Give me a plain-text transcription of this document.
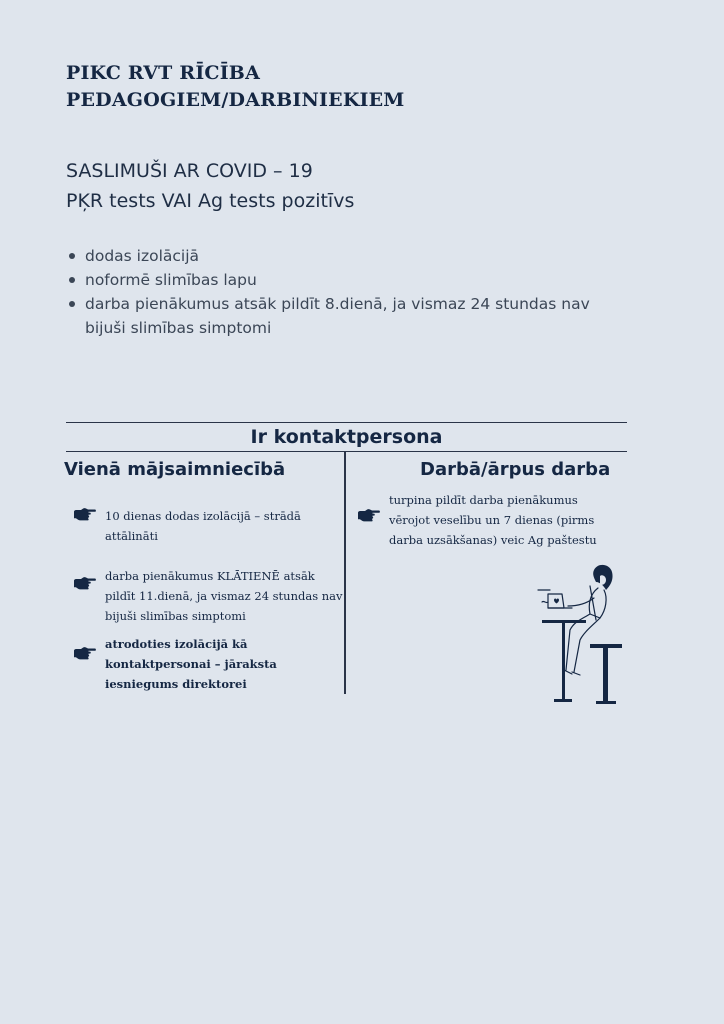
PIKC RVT RĪCĪBA
PEDAGOGIEM/DARBINIEKIEM
SASLIMUŠI AR COVID – 19
PĶR tests VAI Ag tests pozitīvs
dodas izolācijā
noformē slimības lapu
darba pienākumus atsāk pildīt 8.dienā, ja vismaz 24 stundas nav bijuši slimības simptomi
Ir kontaktpersona
Vienā mājsaimniecībā	Darbā/ārpus darba
10 dienas dodas izolācijā – strādā attālināti
darba pienākumus KLĀTIENĒ atsāk pildīt 11.dienā, ja vismaz 24 stundas nav bijuši slimības simptomi
atrodoties izolācijā kā kontaktpersonai – jāraksta iesniegums direktorei
turpina pildīt darba pienākumus vērojot veselību un 7 dienas (pirms darba uzsākšanas) veic Ag paštestu
